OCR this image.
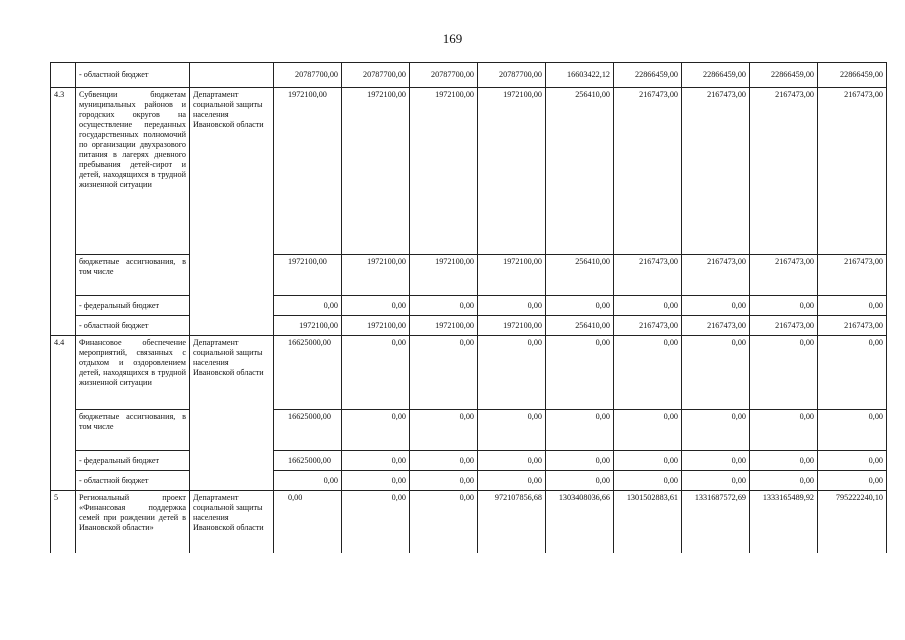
169
	- областной бюджет		20787700,00	20787700,00	20787700,00	20787700,00	16603422,12	22866459,00	22866459,00	22866459,00	22866459,00
4.3	Субвенции бюджетам муниципальных районов и городских округов на осуществление переданных государственных полномочий по организации двухразового питания в лагерях дневного пребывания детей-сирот и детей, находящихся в трудной жизненной ситуации	Департамент социальной защиты населения Ивановской области	1972100,00	1972100,00	1972100,00	1972100,00	256410,00	2167473,00	2167473,00	2167473,00	2167473,00
	бюджетные ассигнования, в том числе		1972100,00	1972100,00	1972100,00	1972100,00	256410,00	2167473,00	2167473,00	2167473,00	2167473,00
	- федеральный бюджет		0,00	0,00	0,00	0,00	0,00	0,00	0,00	0,00	0,00
	- областной бюджет		1972100,00	1972100,00	1972100,00	1972100,00	256410,00	2167473,00	2167473,00	2167473,00	2167473,00
4.4	Финансовое обеспечение мероприятий, связанных с отдыхом и оздоровлением детей, находящихся в трудной жизненной ситуации	Департамент социальной защиты населения Ивановской области	16625000,00	0,00	0,00	0,00	0,00	0,00	0,00	0,00	0,00
	бюджетные ассигнования, в том числе		16625000,00	0,00	0,00	0,00	0,00	0,00	0,00	0,00	0,00
	- федеральный бюджет		16625000,00	0,00	0,00	0,00	0,00	0,00	0,00	0,00	0,00
	- областной бюджет		0,00	0,00	0,00	0,00	0,00	0,00	0,00	0,00	0,00
5	Региональный проект «Финансовая поддержка семей при рождении детей в Ивановской области»	Департамент социальной защиты населения Ивановской области	0,00	0,00	0,00	972107856,68	1303408036,66	1301502883,61	1331687572,69	1333165489,92	795222240,10
